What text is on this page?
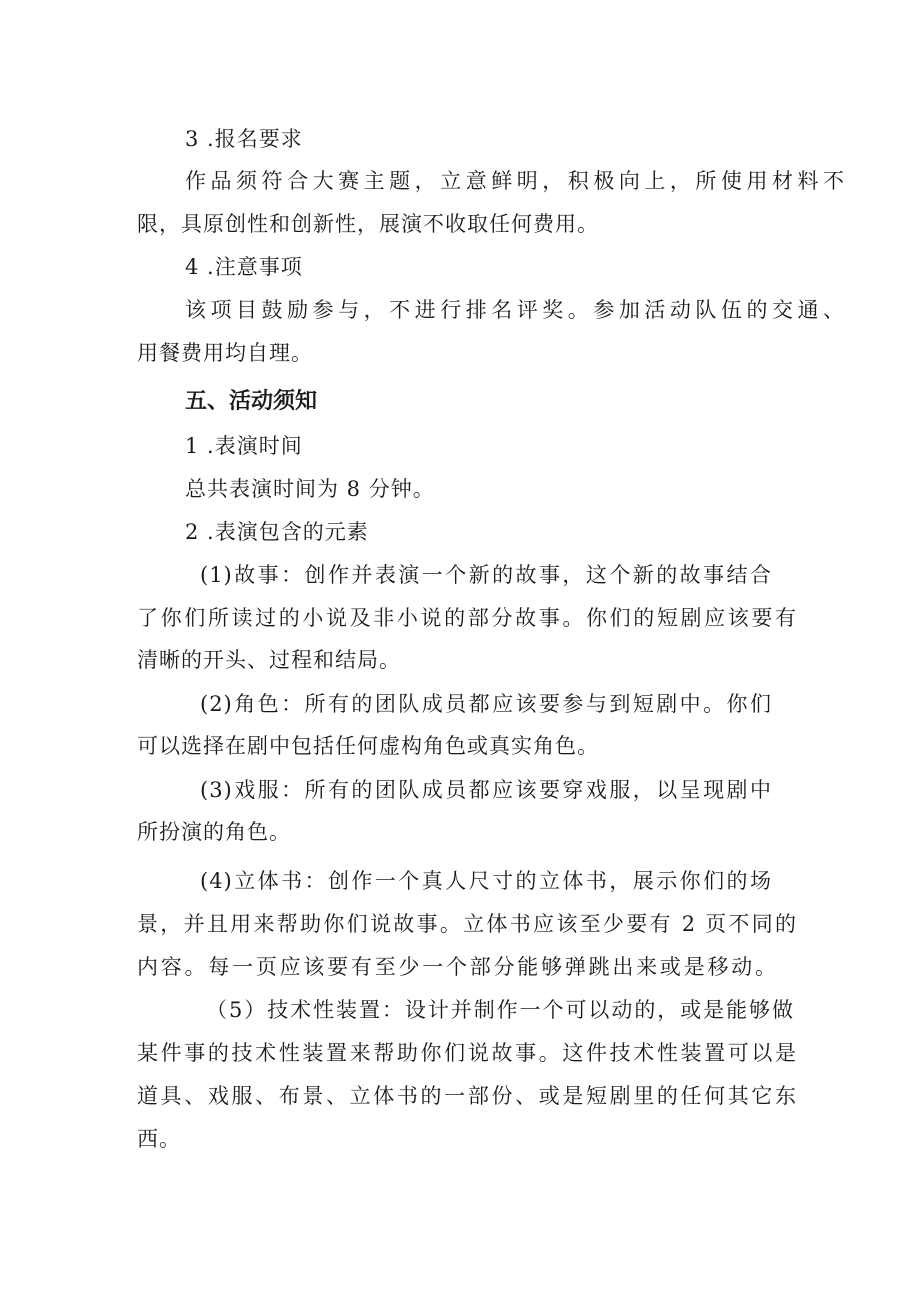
3 .报名要求
作品须符合大赛主题，立意鲜明，积极向上，所使用材料不
限，具原创性和创新性，展演不收取任何费用。
4 .注意事项
该项目鼓励参与，不进行排名评奖。参加活动队伍的交通、
用餐费用均自理。
五、活动须知
1 .表演时间
总共表演时间为 8 分钟。
2 .表演包含的元素
(1)故事：创作并表演一个新的故事，这个新的故事结合
了你们所读过的小说及非小说的部分故事。你们的短剧应该要有
清晰的开头、过程和结局。
(2)角色：所有的团队成员都应该要参与到短剧中。你们
可以选择在剧中包括任何虚构角色或真实角色。
(3)戏服：所有的团队成员都应该要穿戏服，以呈现剧中
所扮演的角色。
(4)立体书：创作一个真人尺寸的立体书，展示你们的场
景，并且用来帮助你们说故事。立体书应该至少要有 2 页不同的
内容。每一页应该要有至少一个部分能够弹跳出来或是移动。
（5）技术性装置：设计并制作一个可以动的，或是能够做
某件事的技术性装置来帮助你们说故事。这件技术性装置可以是
道具、戏服、布景、立体书的一部份、或是短剧里的任何其它东
西。
